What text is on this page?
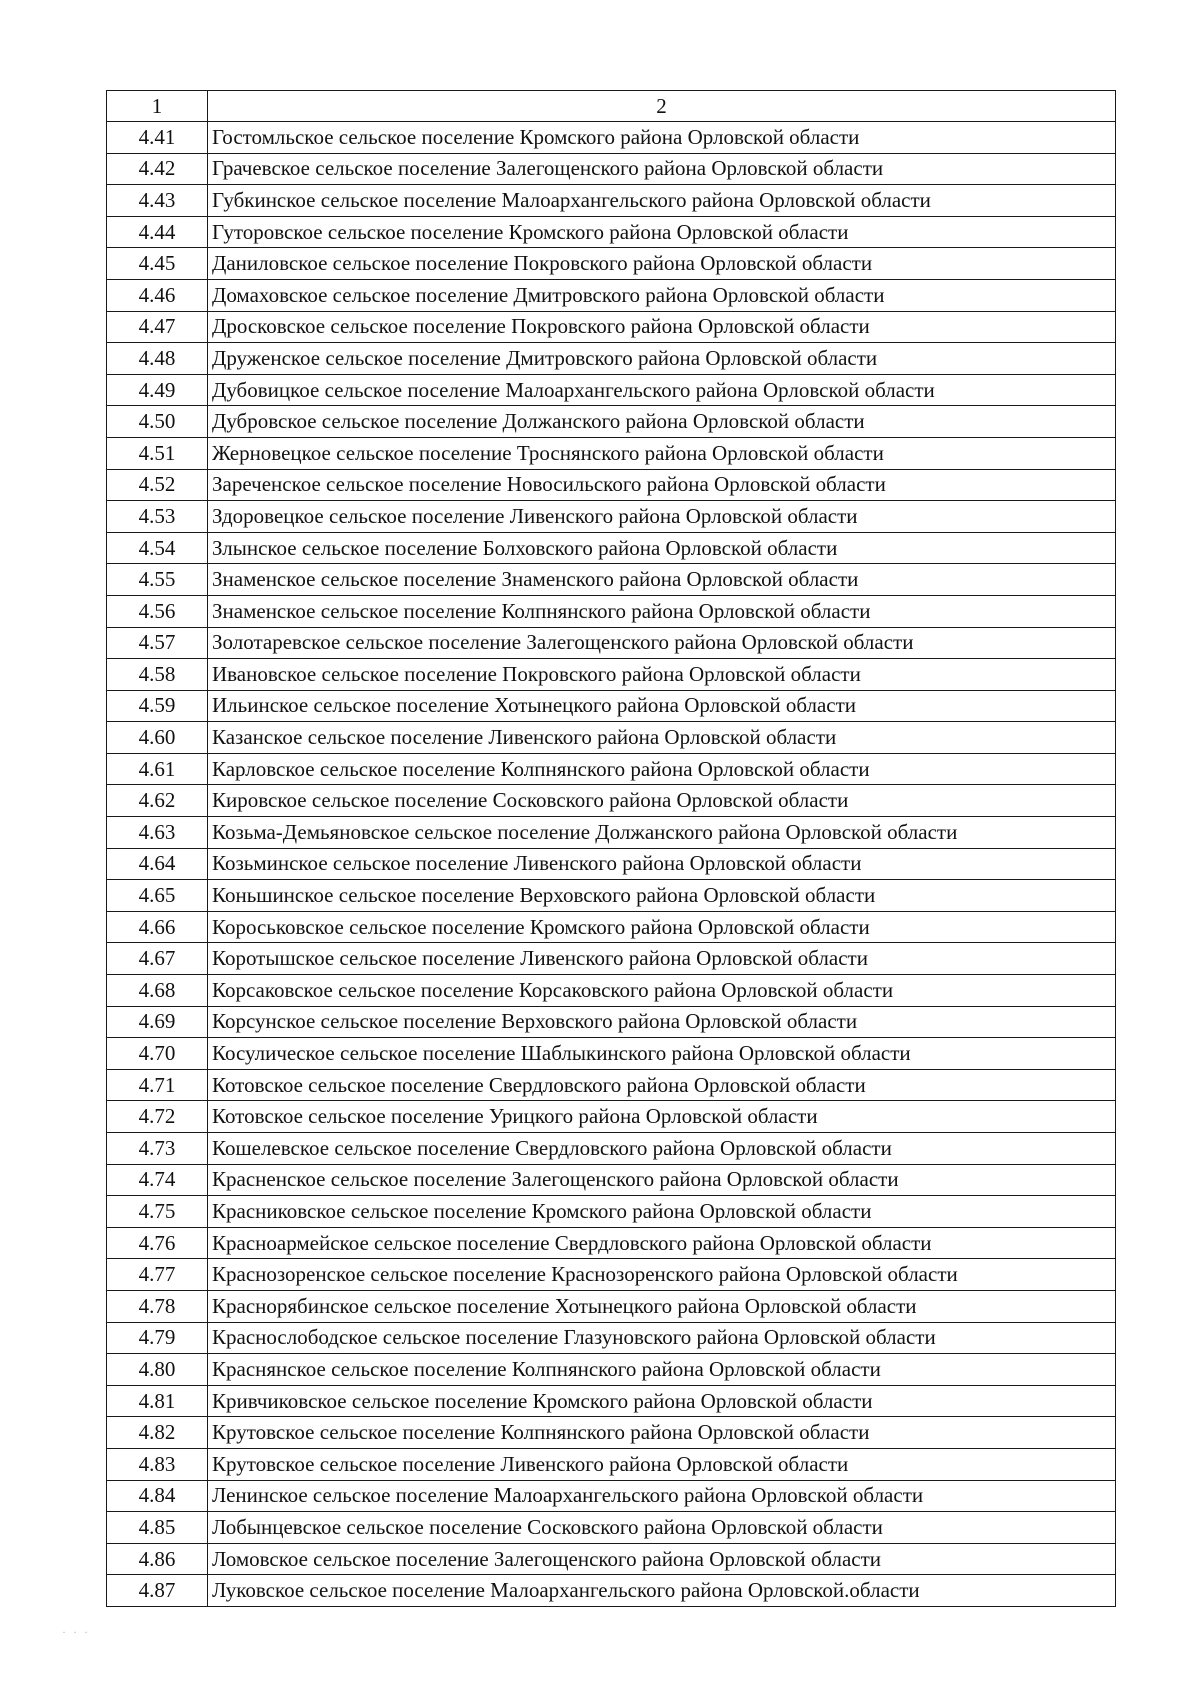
1	2
4.41	Гостомльское сельское поселение Кромского района Орловской области
4.42	Грачевское сельское поселение Залегощенского района Орловской области
4.43	Губкинское сельское поселение Малоархангельского района Орловской области
4.44	Гуторовское сельское поселение Кромского района Орловской области
4.45	Даниловское сельское поселение Покровского района Орловской области
4.46	Домаховское сельское поселение Дмитровского района Орловской области
4.47	Дросковское сельское поселение Покровского района Орловской области
4.48	Друженское сельское поселение Дмитровского района Орловской области
4.49	Дубовицкое сельское поселение Малоархангельского района Орловской области
4.50	Дубровское сельское поселение Должанского района Орловской области
4.51	Жерновецкое сельское поселение Троснянского района Орловской области
4.52	Зареченское сельское поселение Новосильского района Орловской области
4.53	Здоровецкое сельское поселение Ливенского района Орловской области
4.54	Злынское сельское поселение Болховского района Орловской области
4.55	Знаменское сельское поселение Знаменского района Орловской области
4.56	Знаменское сельское поселение Колпнянского района Орловской области
4.57	Золотаревское сельское поселение Залегощенского района Орловской области
4.58	Ивановское сельское поселение Покровского района Орловской области
4.59	Ильинское сельское поселение Хотынецкого района Орловской области
4.60	Казанское сельское поселение Ливенского района Орловской области
4.61	Карловское сельское поселение Колпнянского района Орловской области
4.62	Кировское сельское поселение Сосковского района Орловской области
4.63	Козьма-Демьяновское сельское поселение Должанского района Орловской области
4.64	Козьминское сельское поселение Ливенского района Орловской области
4.65	Коньшинское сельское поселение Верховского района Орловской области
4.66	Короськовское сельское поселение Кромского района Орловской области
4.67	Коротышское сельское поселение Ливенского района Орловской области
4.68	Корсаковское сельское поселение Корсаковского района Орловской области
4.69	Корсунское сельское поселение Верховского района Орловской области
4.70	Косуличеcкое сельское поселение Шаблыкинского района Орловской области
4.71	Котовское сельское поселение Свердловского района Орловской области
4.72	Котовское сельское поселение Урицкого района Орловской области
4.73	Кошелевское сельское поселение Свердловского района Орловской области
4.74	Красненское сельское поселение Залегощенского района Орловской области
4.75	Красниковское сельское поселение Кромского района Орловской области
4.76	Красноармейское сельское поселение Свердловского района Орловской области
4.77	Краснозоренское сельское поселение Краснозоренского района Орловской области
4.78	Краснорябинское сельское поселение Хотынецкого района Орловской области
4.79	Краснослободское сельское поселение Глазуновского района Орловской области
4.80	Краснянское сельское поселение Колпнянского района Орловской области
4.81	Кривчиковское сельское поселение Кромского района Орловской области
4.82	Крутовское сельское поселение Колпнянского района Орловской области
4.83	Крутовское сельское поселение Ливенского района Орловской области
4.84	Ленинское сельское поселение Малоархангельского района Орловской области
4.85	Лобынцевское сельское поселение Сосковского района Орловской области
4.86	Ломовское сельское поселение Залегощенского района Орловской области
4.87	Луковское сельское поселение Малоархангельского района Орловской.области
· · ·
